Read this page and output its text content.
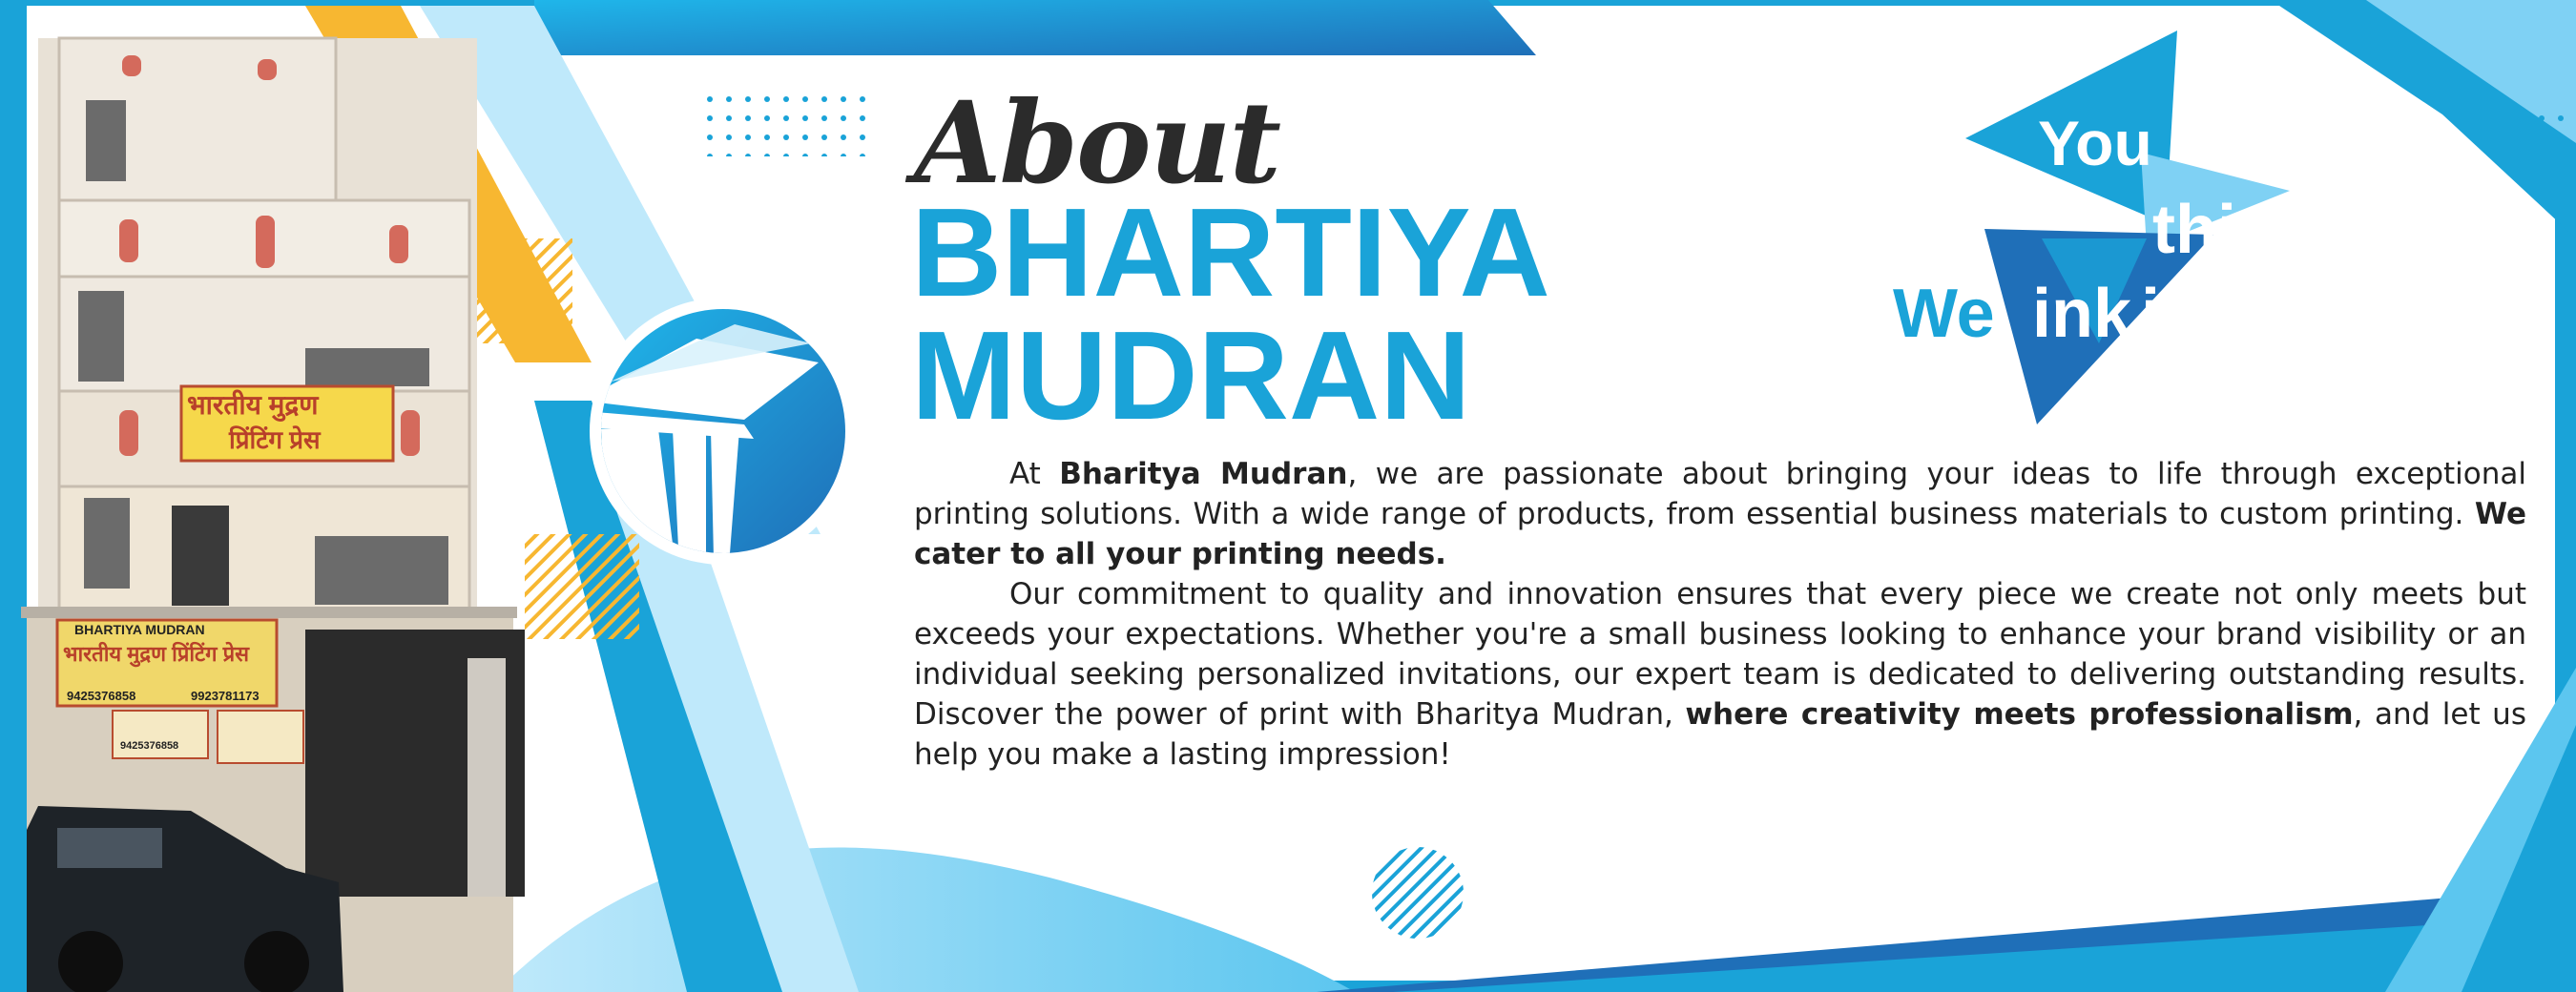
भारतीय मुद्रण
प्रिंटिंग प्रेस
BHARTIYA MUDRAN
भारतीय मुद्रण प्रिंटिंग प्रेस
9425376858	9923781173
9425376858
About
BHARTIYA
MUDRAN
You
think it,
We ink it.

At Bharitya Mudran, we are passionate about bringing your ideas to life through exceptional printing solutions. With a wide range of products, from essential business materials to custom printing. We cater to all your printing needs.

Our commitment to quality and innovation ensures that every piece we create not only meets but exceeds your expectations. Whether you're a small business looking to enhance your brand visibility or an individual seeking personalized invitations, our expert team is dedicated to delivering outstanding results. Discover the power of print with Bharitya Mudran, where creativity meets professionalism, and let us help you make a lasting impression!
